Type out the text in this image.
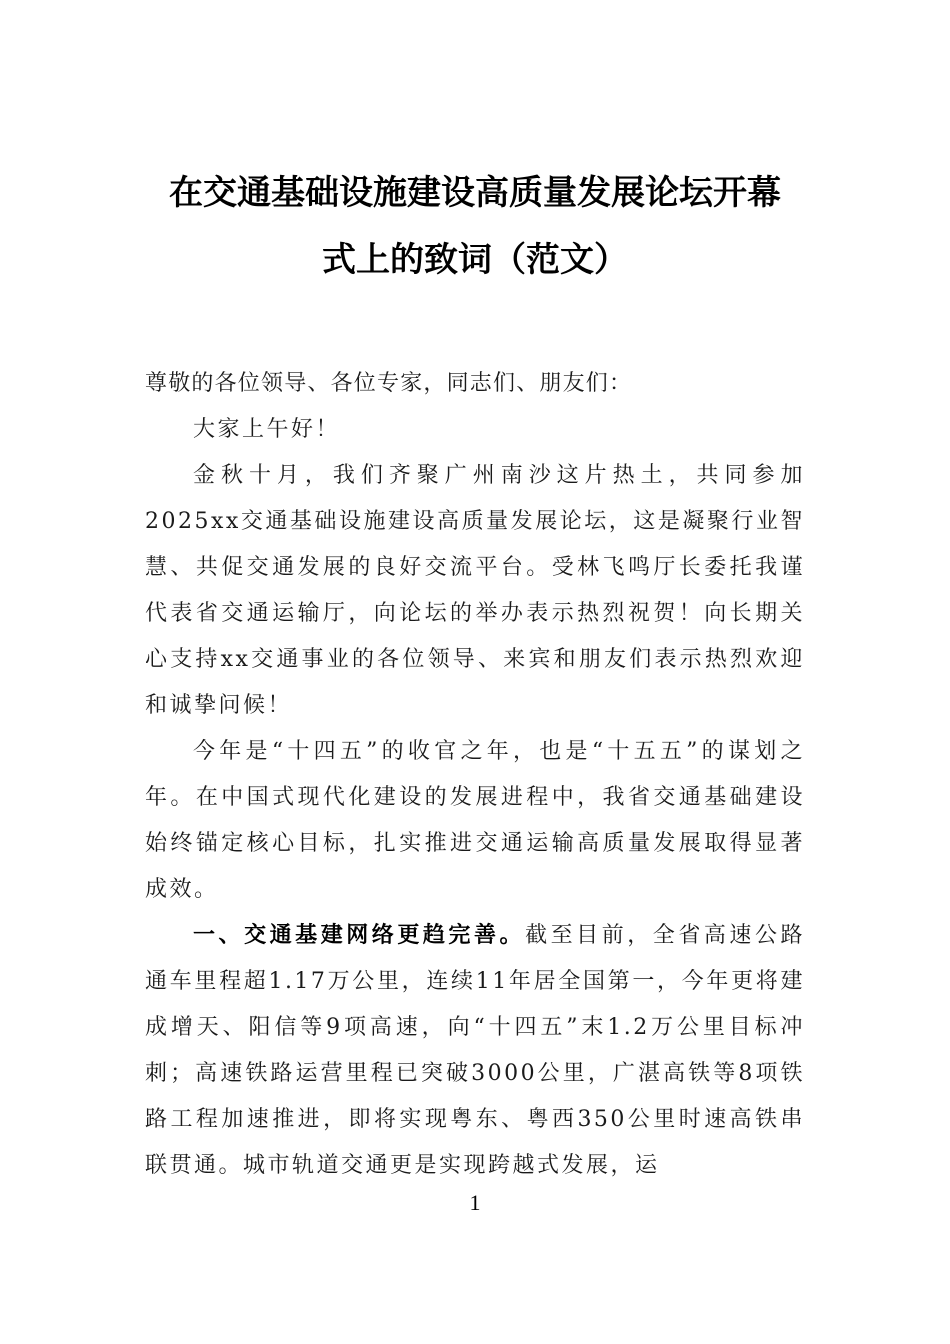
在交通基础设施建设高质量发展论坛开幕
式上的致词（范文）

尊敬的各位领导、各位专家，同志们、朋友们：

大家上午好！

金秋十月，我们齐聚广州南沙这片热土，共同参加2025xx交通基础设施建设高质量发展论坛，这是凝聚行业智慧、共促交通发展的良好交流平台。受林飞鸣厅长委托我谨代表省交通运输厅，向论坛的举办表示热烈祝贺！向长期关心支持xx交通事业的各位领导、来宾和朋友们表示热烈欢迎和诚挚问候！

今年是“十四五”的收官之年，也是“十五五”的谋划之年。在中国式现代化建设的发展进程中，我省交通基础建设始终锚定核心目标，扎实推进交通运输高质量发展取得显著成效。

一、交通基建网络更趋完善。截至目前，全省高速公路通车里程超1.17万公里，连续11年居全国第一，今年更将建成增天、阳信等9项高速，向“十四五”末1.2万公里目标冲刺；高速铁路运营里程已突破3000公里，广湛高铁等8项铁路工程加速推进，即将实现粤东、粤西350公里时速高铁串联贯通。城市轨道交通更是实现跨越式发展，运

1
